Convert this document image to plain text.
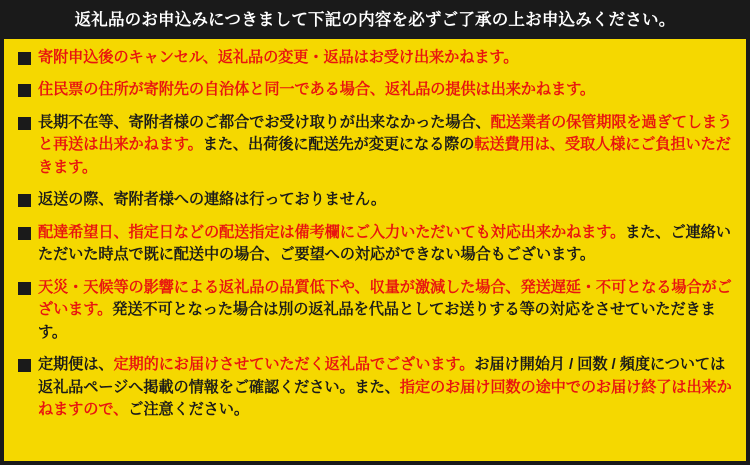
返礼品のお申込みにつきまして下記の内容を必ずご了承の上お申込みください。
寄附申込後のキャンセル、返礼品の変更・返品はお受け出来かねます。
住民票の住所が寄附先の自治体と同一である場合、返礼品の提供は出来かねます。
長期不在等、寄附者様のご都合でお受け取りが出来なかった場合、配送業者の保管期限を過ぎてしまうと再送は出来かねます。また、出荷後に配送先が変更になる際の転送費用は、受取人様にご負担いただきます。
返送の際、寄附者様への連絡は行っておりません。
配達希望日、指定日などの配送指定は備考欄にご入力いただいても対応出来かねます。また、ご連絡いただいた時点で既に配送中の場合、ご要望への対応ができない場合もございます。
天災・天候等の影響による返礼品の品質低下や、収量が激減した場合、発送遅延・不可となる場合がございます。発送不可となった場合は別の返礼品を代品としてお送りする等の対応をさせていただきます。
定期便は、定期的にお届けさせていただく返礼品でございます。お届け開始月 / 回数 / 頻度については返礼品ページへ掲載の情報をご確認ください。また、指定のお届け回数の途中でのお届け終了は出来かねますので、ご注意ください。
